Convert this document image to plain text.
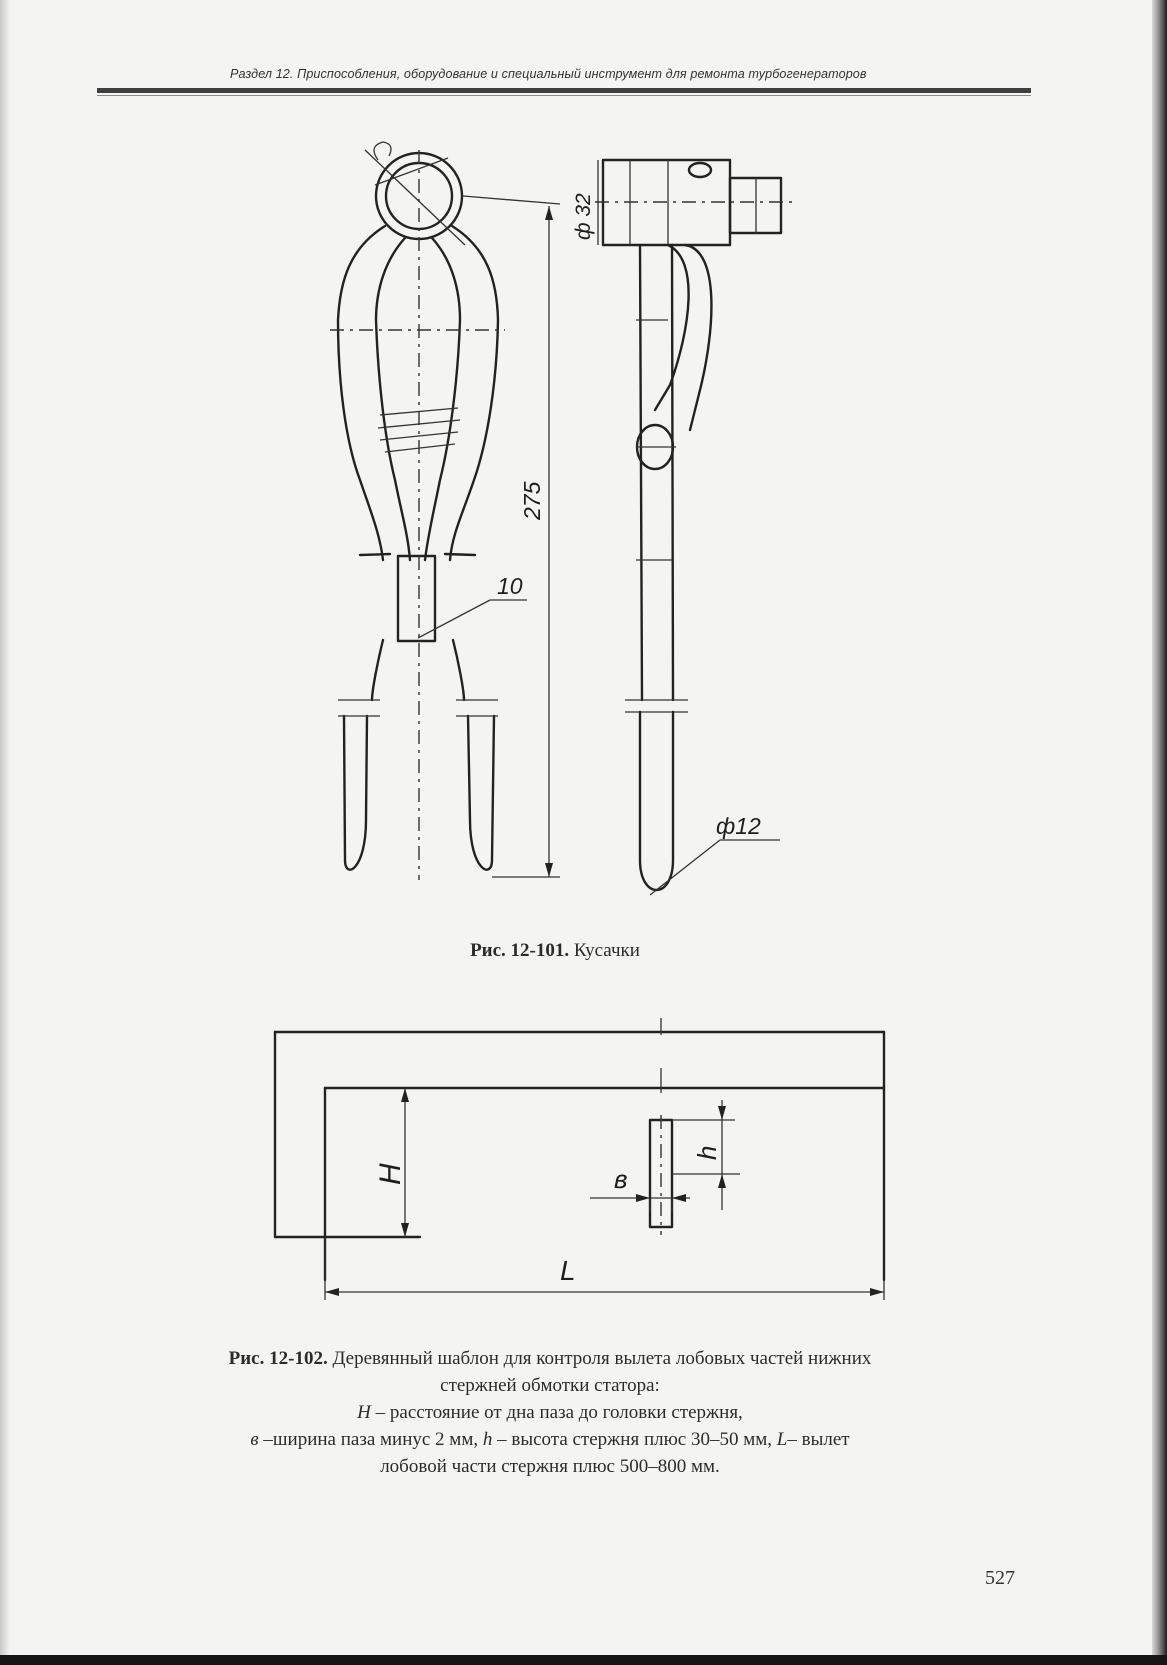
Раздел 12. Приспособления, оборудование и специальный инструмент для ремонта турбогенераторов
275
10
ф 32
ф12
Рис. 12-101. Кусачки
H
h
в
L
Рис. 12-102. Деревянный шаблон для контроля вылета лобовых частей нижних
стержней обмотки статора:
H – расстояние от дна паза до головки стержня,
в –ширина паза минус 2 мм, h – высота стержня плюс 30–50 мм, L– вылет
лобовой части стержня плюс 500–800 мм.
527
